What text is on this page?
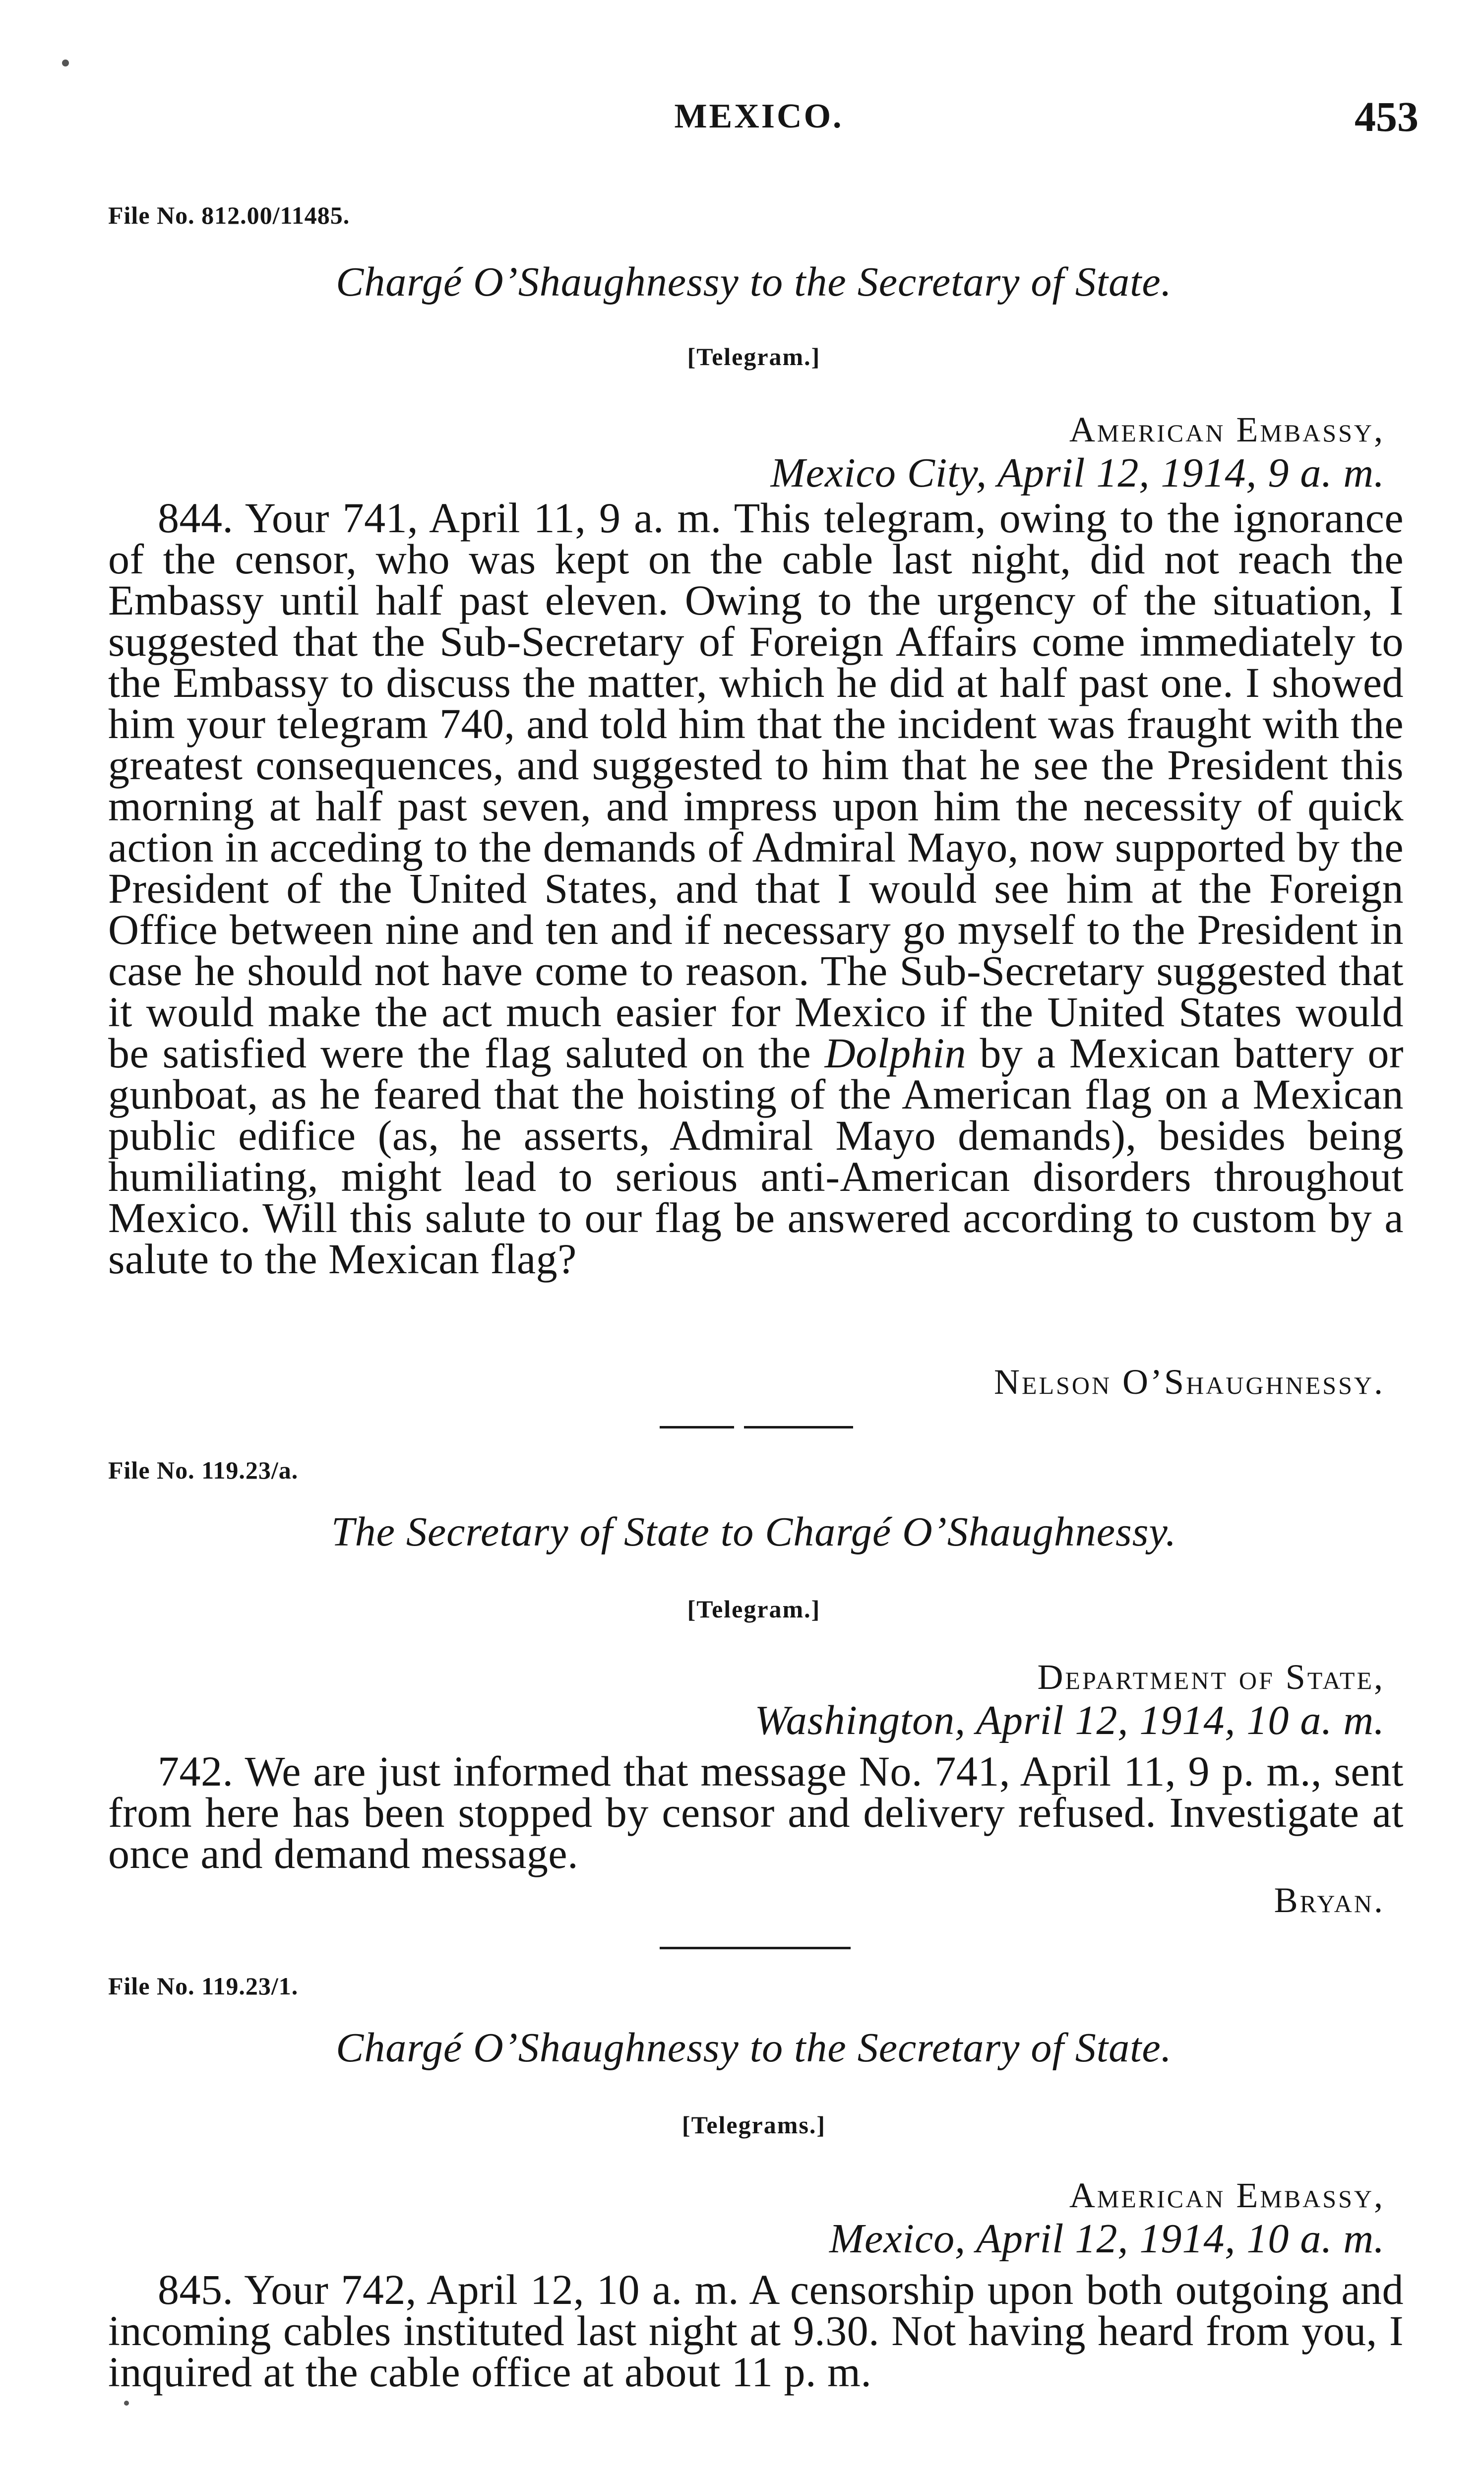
MEXICO.	453
File No. 812.00/11485.
Chargé O’Shaughnessy to the Secretary of State.
[Telegram.]
American Embassy,
Mexico City, April 12, 1914, 9 a. m.
844. Your 741, April 11, 9 a. m. This telegram, owing to the ignorance of the censor, who was kept on the cable last night, did not reach the Embassy until half past eleven. Owing to the urgency of the situation, I suggested that the Sub-Secretary of Foreign Affairs come immediately to the Embassy to discuss the matter, which he did at half past one. I showed him your telegram 740, and told him that the incident was fraught with the greatest consequences, and suggested to him that he see the President this morning at half past seven, and impress upon him the necessity of quick action in acceding to the demands of Admiral Mayo, now supported by the President of the United States, and that I would see him at the Foreign Office between nine and ten and if necessary go myself to the President in case he should not have come to reason. The Sub-Secretary suggested that it would make the act much easier for Mexico if the United States would be satisfied were the flag saluted on the Dolphin by a Mexican battery or gunboat, as he feared that the hoisting of the American flag on a Mexican public edifice (as, he asserts, Admiral Mayo demands), besides being humiliating, might lead to serious anti-American disorders throughout Mexico. Will this salute to our flag be answered according to custom by a salute to the Mexican flag?
Nelson O’Shaughnessy.
File No. 119.23/a.
The Secretary of State to Chargé O’Shaughnessy.
[Telegram.]
Department of State,
Washington, April 12, 1914, 10 a. m.
742. We are just informed that message No. 741, April 11, 9 p. m., sent from here has been stopped by censor and delivery refused. Investigate at once and demand message.
Bryan.
File No. 119.23/1.
Chargé O’Shaughnessy to the Secretary of State.
[Telegrams.]
American Embassy,
Mexico, April 12, 1914, 10 a. m.
845. Your 742, April 12, 10 a. m. A censorship upon both outgoing and incoming cables instituted last night at 9.30. Not having heard from you, I inquired at the cable office at about 11 p. m.
